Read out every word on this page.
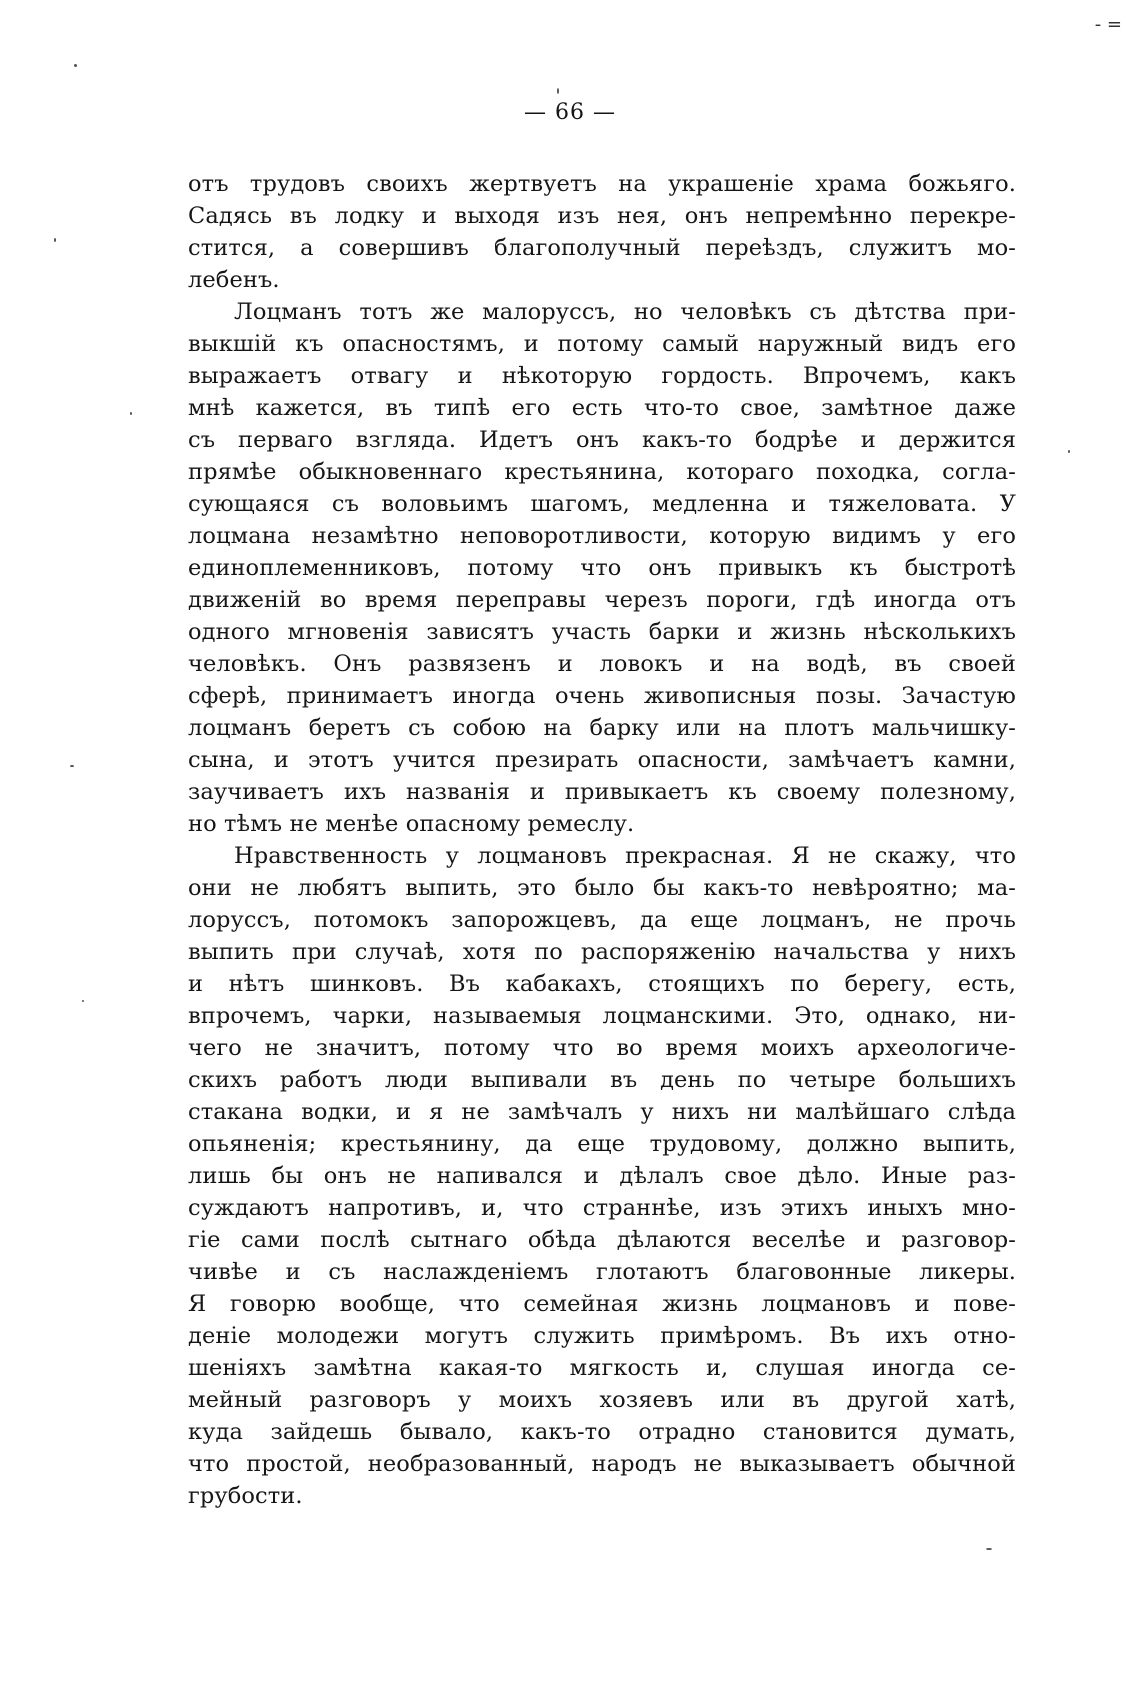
- =
— 66 —
отъ трудовъ своихъ жертвуетъ на украшеніе храма божьяго.
Садясь въ лодку и выходя изъ нея, онъ непремѣнно перекре-
стится, а совершивъ благополучный переѣздъ, служитъ мо-
лебенъ.
Лоцманъ тотъ же малоруссъ, но человѣкъ съ дѣтства при-
выкшій къ опасностямъ, и потому самый наружный видъ его
выражаетъ отвагу и нѣкоторую гордость. Впрочемъ, какъ
мнѣ кажется, въ типѣ его есть что-то свое, замѣтное даже
съ перваго взгляда. Идетъ онъ какъ-то бодрѣе и держится
прямѣе обыкновеннаго крестьянина, котораго походка, согла-
сующаяся съ воловьимъ шагомъ, медленна и тяжеловата. У
лоцмана незамѣтно неповоротливости, которую видимъ у его
единоплеменниковъ, потому что онъ привыкъ къ быстротѣ
движеній во время переправы черезъ пороги, гдѣ иногда отъ
одного мгновенія зависятъ участь барки и жизнь нѣсколькихъ
человѣкъ. Онъ развязенъ и ловокъ и на водѣ, въ своей
сферѣ, принимаетъ иногда очень живописныя позы. Зачастую
лоцманъ беретъ съ собою на барку или на плотъ мальчишку-
сына, и этотъ учится презирать опасности, замѣчаетъ камни,
заучиваетъ ихъ названія и привыкаетъ къ своему полезному,
но тѣмъ не менѣе опасному ремеслу.
Нравственность у лоцмановъ прекрасная. Я не скажу, что
они не любятъ выпить, это было бы какъ-то невѣроятно; ма-
лоруссъ, потомокъ запорожцевъ, да еще лоцманъ, не прочь
выпить при случаѣ, хотя по распоряженію начальства у нихъ
и нѣтъ шинковъ. Въ кабакахъ, стоящихъ по берегу, есть,
впрочемъ, чарки, называемыя лоцманскими. Это, однако, ни-
чего не значитъ, потому что во время моихъ археологиче-
скихъ работъ люди выпивали въ день по четыре большихъ
стакана водки, и я не замѣчалъ у нихъ ни малѣйшаго слѣда
опьяненія; крестьянину, да еще трудовому, должно выпить,
лишь бы онъ не напивался и дѣлалъ свое дѣло. Иные раз-
суждаютъ напротивъ, и, что страннѣе, изъ этихъ иныхъ мно-
гіе сами послѣ сытнаго обѣда дѣлаются веселѣе и разговор-
чивѣе и съ наслажденіемъ глотаютъ благовонные ликеры.
Я говорю вообще, что семейная жизнь лоцмановъ и пове-
деніе молодежи могутъ служить примѣромъ. Въ ихъ отно-
шеніяхъ замѣтна какая-то мягкость и, слушая иногда се-
мейный разговоръ у моихъ хозяевъ или въ другой хатѣ,
куда зайдешь бывало, какъ-то отрадно становится думать,
что простой, необразованный, народъ не выказываетъ обычной
грубости.
